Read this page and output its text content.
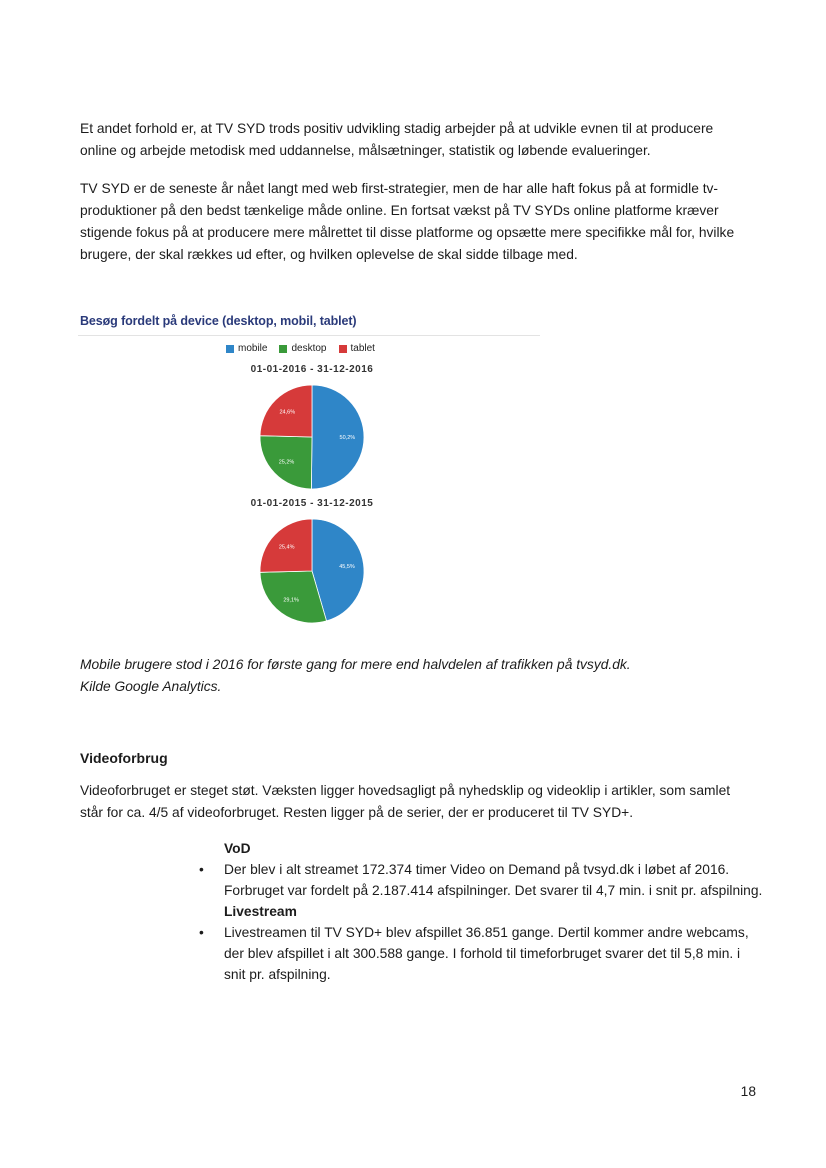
Et andet forhold er, at TV SYD trods positiv udvikling stadig arbejder på at udvikle evnen til at producere online og arbejde metodisk med uddannelse, målsætninger, statistik og løbende evalueringer.

TV SYD er de seneste år nået langt med web first-strategier, men de har alle haft fokus på at formidle tv-produktioner på den bedst tænkelige måde online. En fortsat vækst på TV SYDs online platforme kræver stigende fokus på at producere mere målrettet til disse platforme og opsætte mere specifikke mål for, hvilke brugere, der skal rækkes ud efter, og hvilken oplevelse de skal sidde tilbage med.

Besøg fordelt på device (desktop, mobil, tablet)
mobile desktop tablet
01-01-2016 - 31-12-2016
50,2%
25,2%
24,6%
01-01-2015 - 31-12-2015
45,5%
29,1%
25,4%
Mobile brugere stod i 2016 for første gang for mere end halvdelen af trafikken på tvsyd.dk.
Kilde Google Analytics.
Videoforbrug

Videoforbruget er steget støt. Væksten ligger hovedsagligt på nyhedsklip og videoklip i artikler, som samlet står for ca. 4/5 af videoforbruget. Resten ligger på de serier, der er produceret til TV SYD+.

VoD
• Der blev i alt streamet 172.374 timer Video on Demand på tvsyd.dk i løbet af 2016. Forbruget var fordelt på 2.187.414 afspilninger. Det svarer til 4,7 min. i snit pr. afspilning.
Livestream
• Livestreamen til TV SYD+ blev afspillet 36.851 gange. Dertil kommer andre webcams, der blev afspillet i alt 300.588 gange. I forhold til timeforbruget svarer det til 5,8 min. i snit pr. afspilning.
18
